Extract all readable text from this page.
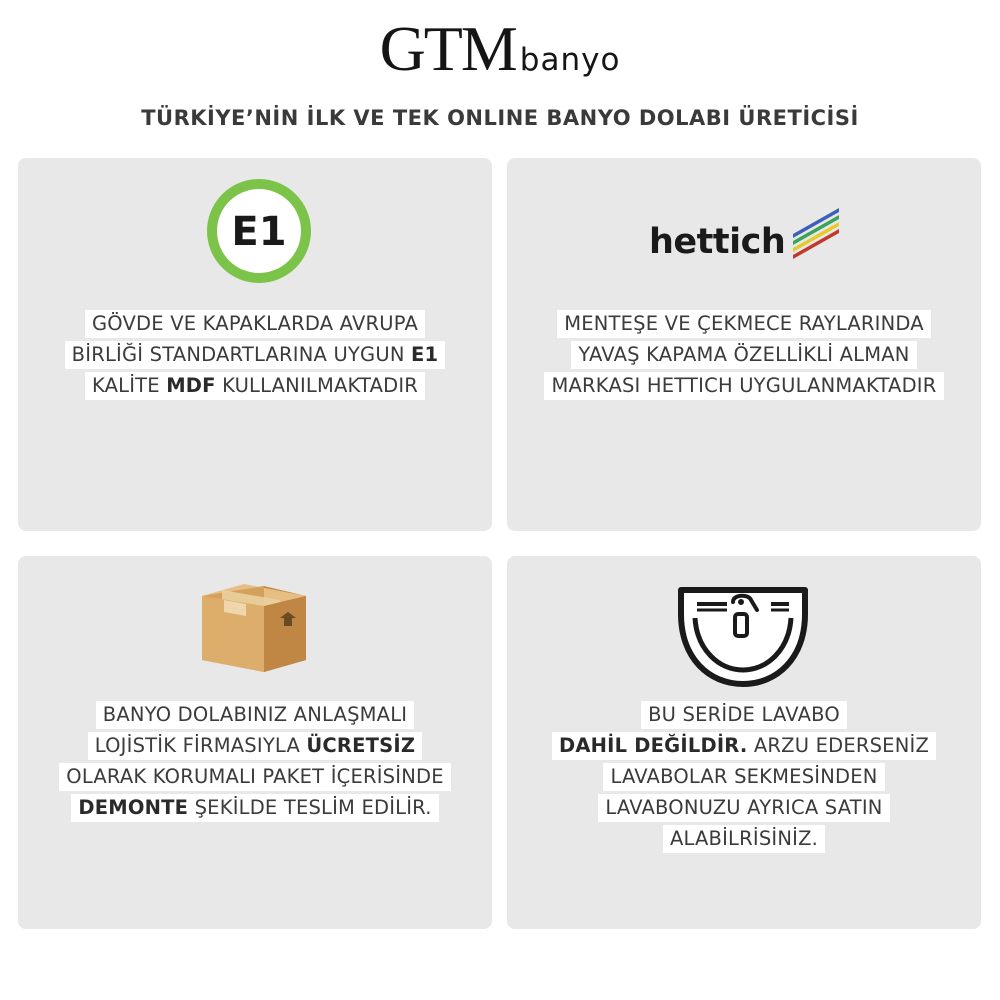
GTM banyo
TÜRKİYE’NİN İLK VE TEK ONLINE BANYO DOLABI ÜRETİCİSİ
E1
GÖVDE VE KAPAKLARDA AVRUPA
BİRLİĞİ STANDARTLARINA UYGUN E1
KALİTE MDF KULLANILMAKTADIR
hettich
MENTEŞE VE ÇEKMECE RAYLARINDA
YAVAŞ KAPAMA ÖZELLİKLİ ALMAN
MARKASI HETTICH UYGULANMAKTADIR
BANYO DOLABINIZ ANLAŞMALI
LOJİSTİK FİRMASIYLA ÜCRETSİZ
OLARAK KORUMALI PAKET İÇERİSİNDE
DEMONTE ŞEKİLDE TESLİM EDİLİR.
BU SERİDE LAVABO
DAHİL DEĞİLDİR. ARZU EDERSENİZ
LAVABOLAR SEKMESİNDEN
LAVABONUZU AYRICA SATIN
ALABİLRİSİNİZ.
